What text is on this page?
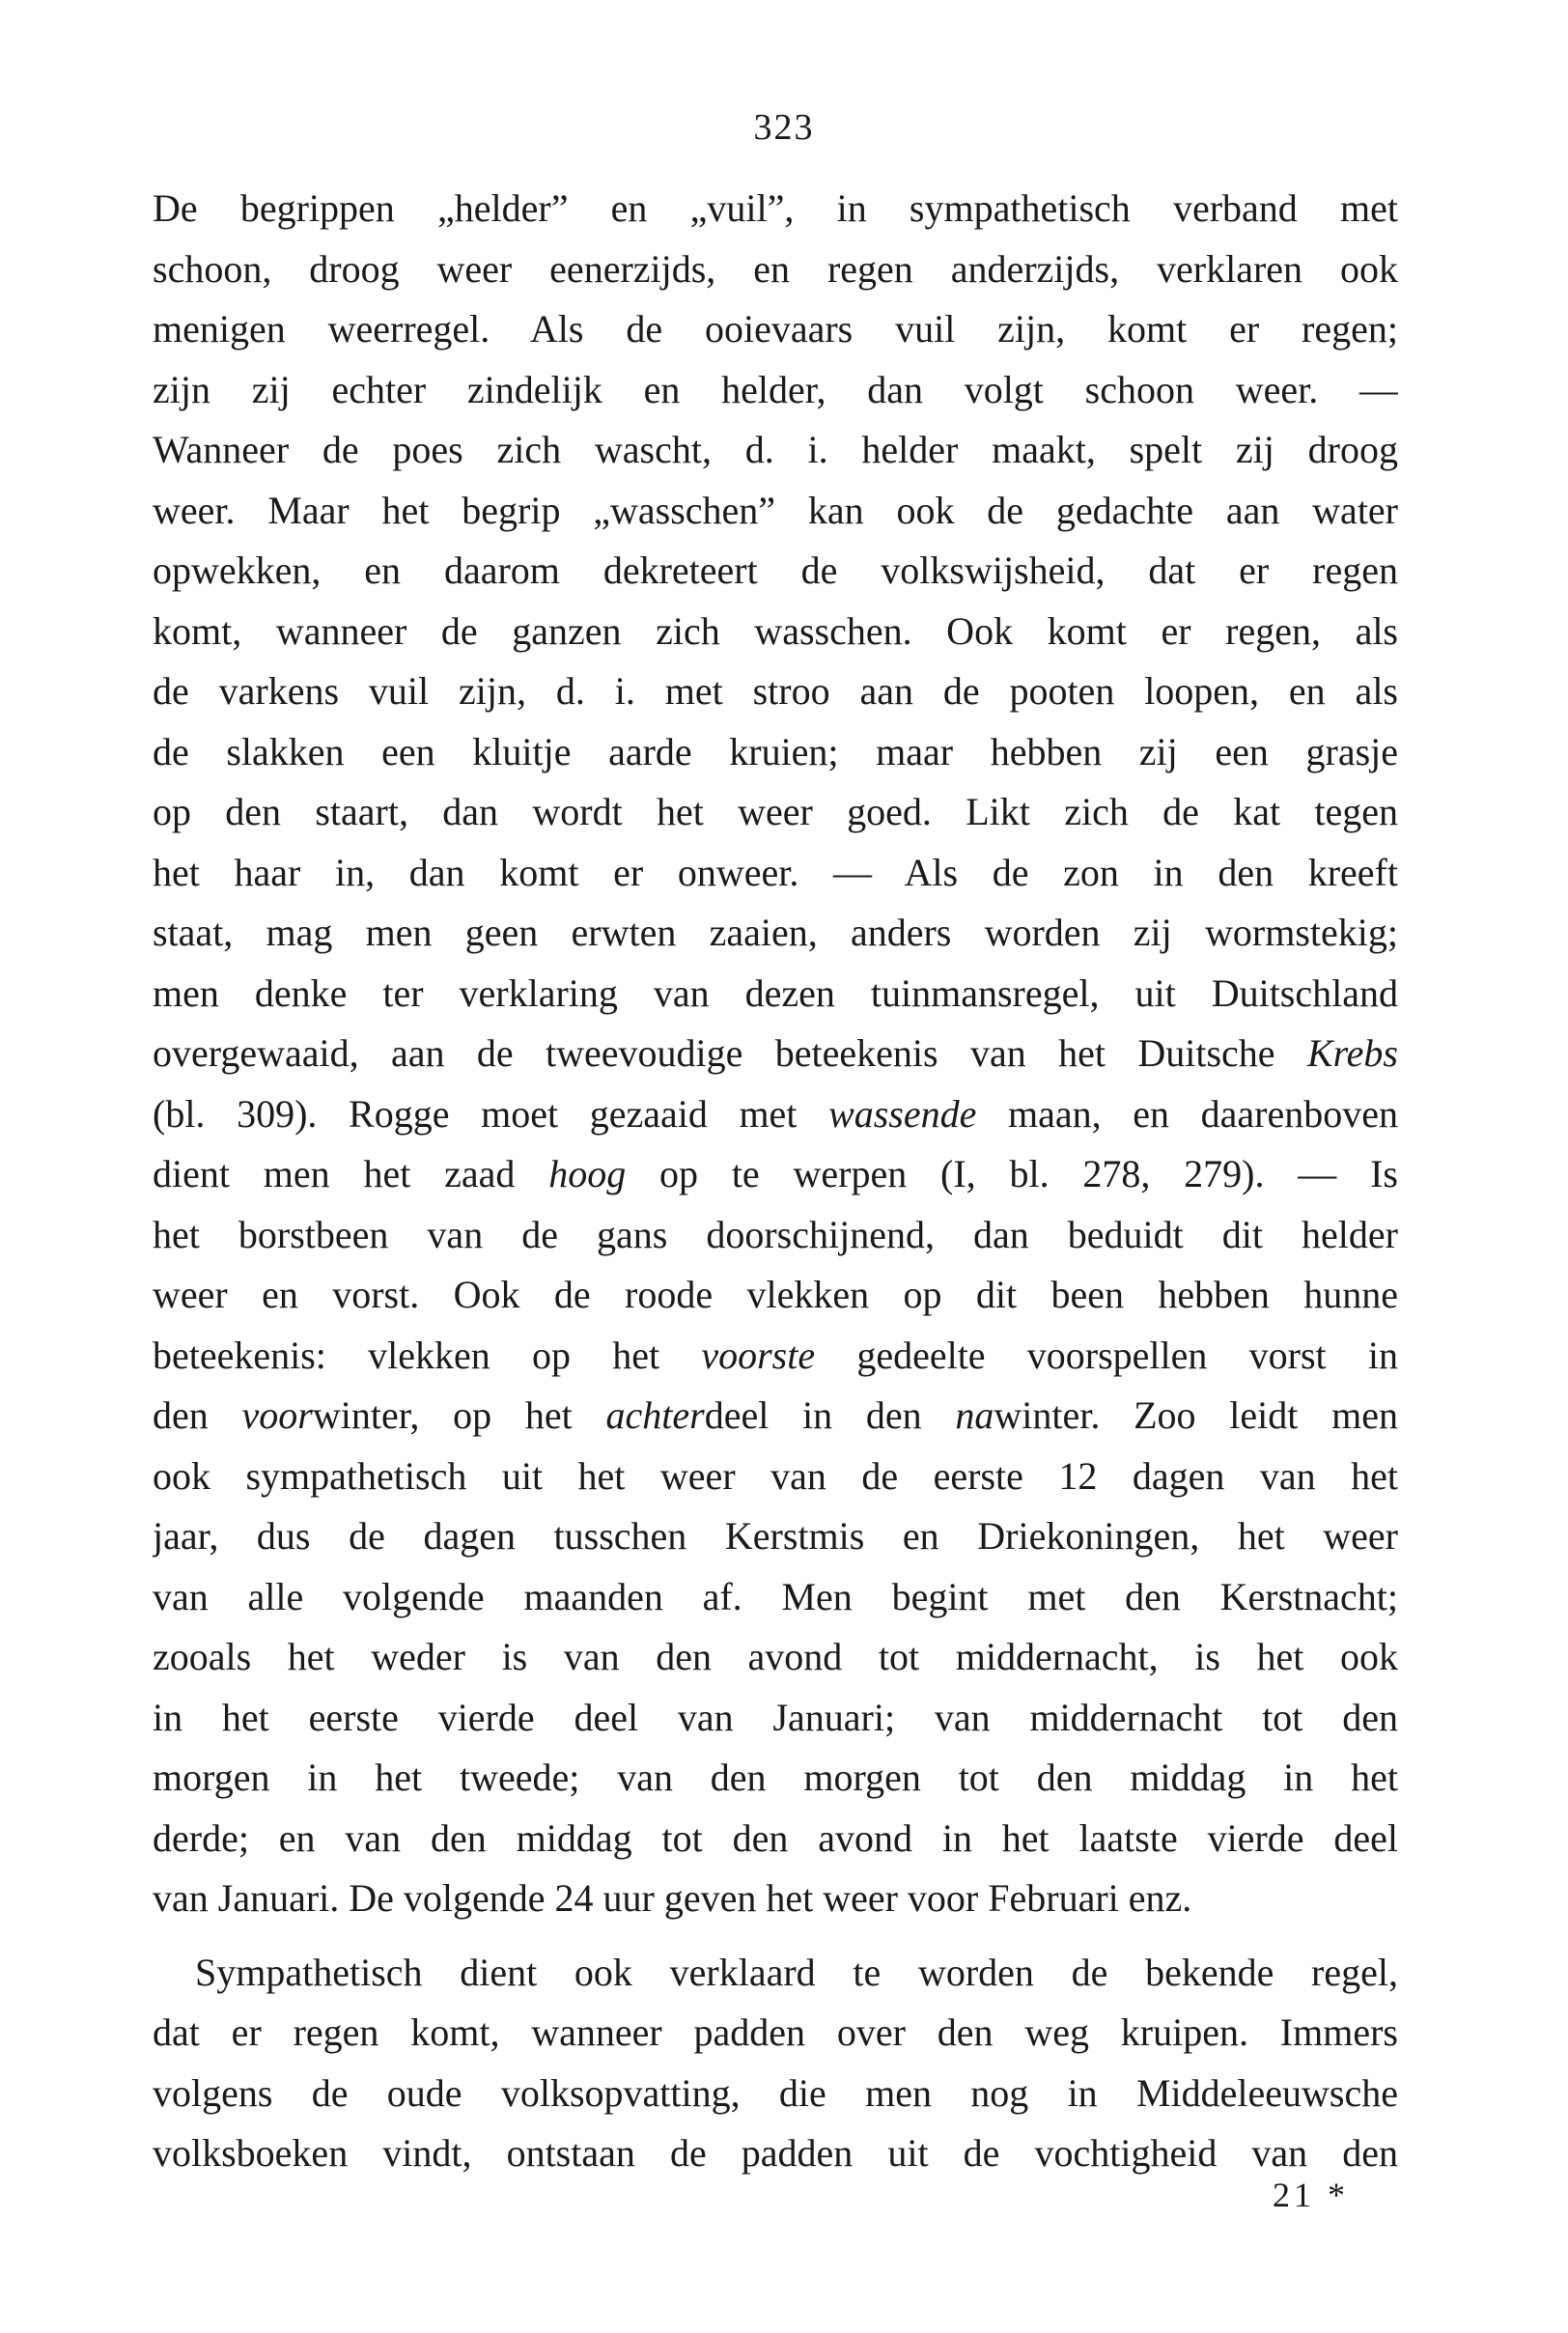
323
De begrippen „helder” en „vuil”, in sympathetisch verband met
schoon, droog weer eenerzijds, en regen anderzijds, verklaren ook
menigen weerregel. Als de ooievaars vuil zijn, komt er regen;
zijn zij echter zindelijk en helder, dan volgt schoon weer. —
Wanneer de poes zich wascht, d. i. helder maakt, spelt zij droog
weer. Maar het begrip „wasschen” kan ook de gedachte aan water
opwekken, en daarom dekreteert de volkswijsheid, dat er regen
komt, wanneer de ganzen zich wasschen. Ook komt er regen, als
de varkens vuil zijn, d. i. met stroo aan de pooten loopen, en als
de slakken een kluitje aarde kruien; maar hebben zij een grasje
op den staart, dan wordt het weer goed. Likt zich de kat tegen
het haar in, dan komt er onweer. — Als de zon in den kreeft
staat, mag men geen erwten zaaien, anders worden zij wormstekig;
men denke ter verklaring van dezen tuinmansregel, uit Duitschland
overgewaaid, aan de tweevoudige beteekenis van het Duitsche Krebs
(bl. 309). Rogge moet gezaaid met wassende maan, en daarenboven
dient men het zaad hoog op te werpen (I, bl. 278, 279). — Is
het borstbeen van de gans doorschijnend, dan beduidt dit helder
weer en vorst. Ook de roode vlekken op dit been hebben hunne
beteekenis: vlekken op het voorste gedeelte voorspellen vorst in
den voorwinter, op het achterdeel in den nawinter. Zoo leidt men
ook sympathetisch uit het weer van de eerste 12 dagen van het
jaar, dus de dagen tusschen Kerstmis en Driekoningen, het weer
van alle volgende maanden af. Men begint met den Kerstnacht;
zooals het weder is van den avond tot middernacht, is het ook
in het eerste vierde deel van Januari; van middernacht tot den
morgen in het tweede; van den morgen tot den middag in het
derde; en van den middag tot den avond in het laatste vierde deel
van Januari. De volgende 24 uur geven het weer voor Februari enz.
Sympathetisch dient ook verklaard te worden de bekende regel,
dat er regen komt, wanneer padden over den weg kruipen. Immers
volgens de oude volksopvatting, die men nog in Middeleeuwsche
volksboeken vindt, ontstaan de padden uit de vochtigheid van den
21 *
